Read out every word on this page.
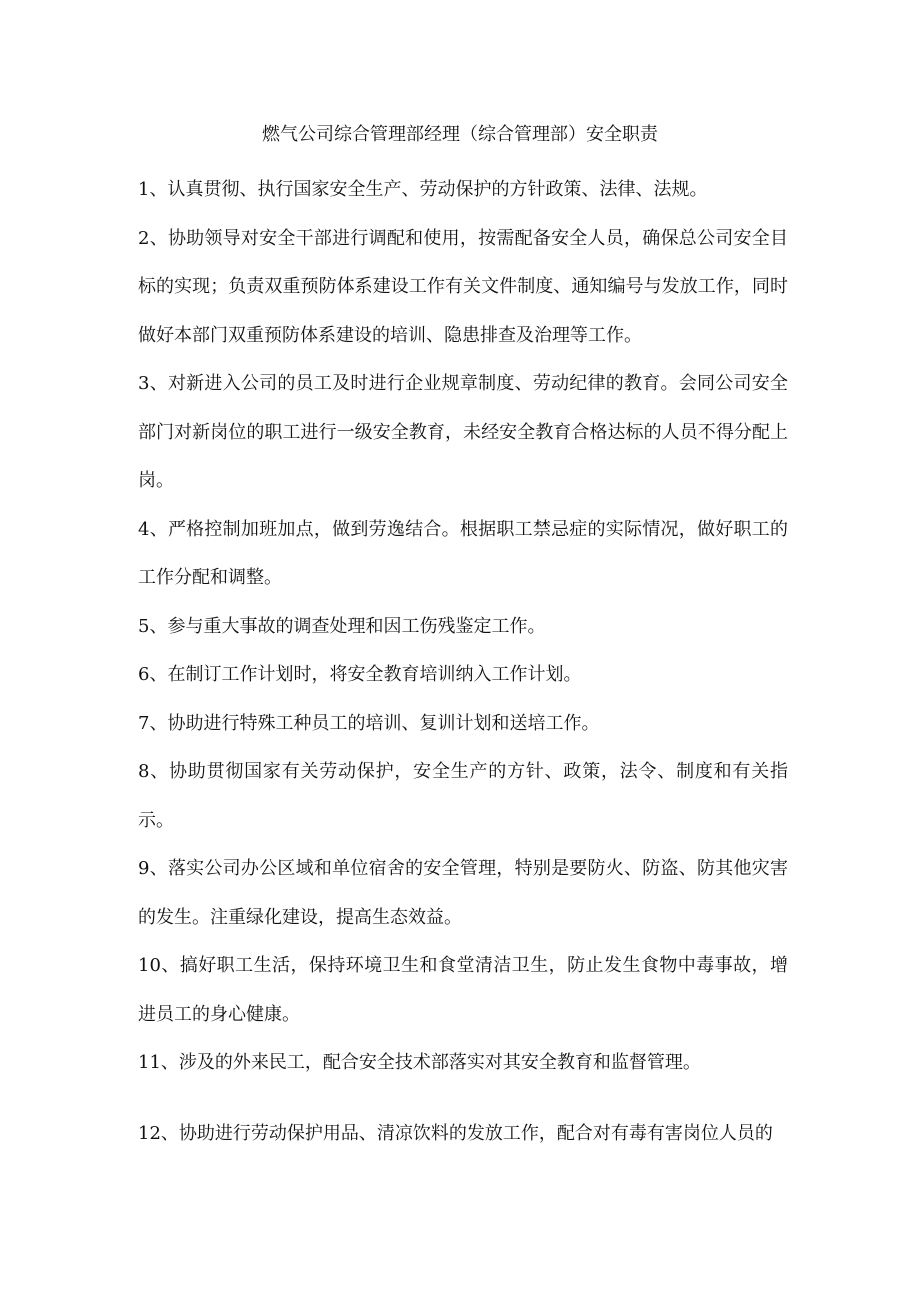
燃气公司综合管理部经理（综合管理部）安全职责

1、认真贯彻、执行国家安全生产、劳动保护的方针政策、法律、法规。

2、协助领导对安全干部进行调配和使用，按需配备安全人员，确保总公司安全目标的实现；负责双重预防体系建设工作有关文件制度、通知编号与发放工作，同时做好本部门双重预防体系建设的培训、隐患排查及治理等工作。

3、对新进入公司的员工及时进行企业规章制度、劳动纪律的教育。会同公司安全部门对新岗位的职工进行一级安全教育，未经安全教育合格达标的人员不得分配上岗。

4、严格控制加班加点，做到劳逸结合。根据职工禁忌症的实际情况，做好职工的工作分配和调整。

5、参与重大事故的调查处理和因工伤残鉴定工作。

6、在制订工作计划时，将安全教育培训纳入工作计划。

7、协助进行特殊工种员工的培训、复训计划和送培工作。

8、协助贯彻国家有关劳动保护，安全生产的方针、政策，法令、制度和有关指示。

9、落实公司办公区域和单位宿舍的安全管理，特别是要防火、防盗、防其他灾害的发生。注重绿化建设，提高生态效益。

10、搞好职工生活，保持环境卫生和食堂清洁卫生，防止发生食物中毒事故，增进员工的身心健康。

11、涉及的外来民工，配合安全技术部落实对其安全教育和监督管理。

12、协助进行劳动保护用品、清凉饮料的发放工作，配合对有毒有害岗位人员的
